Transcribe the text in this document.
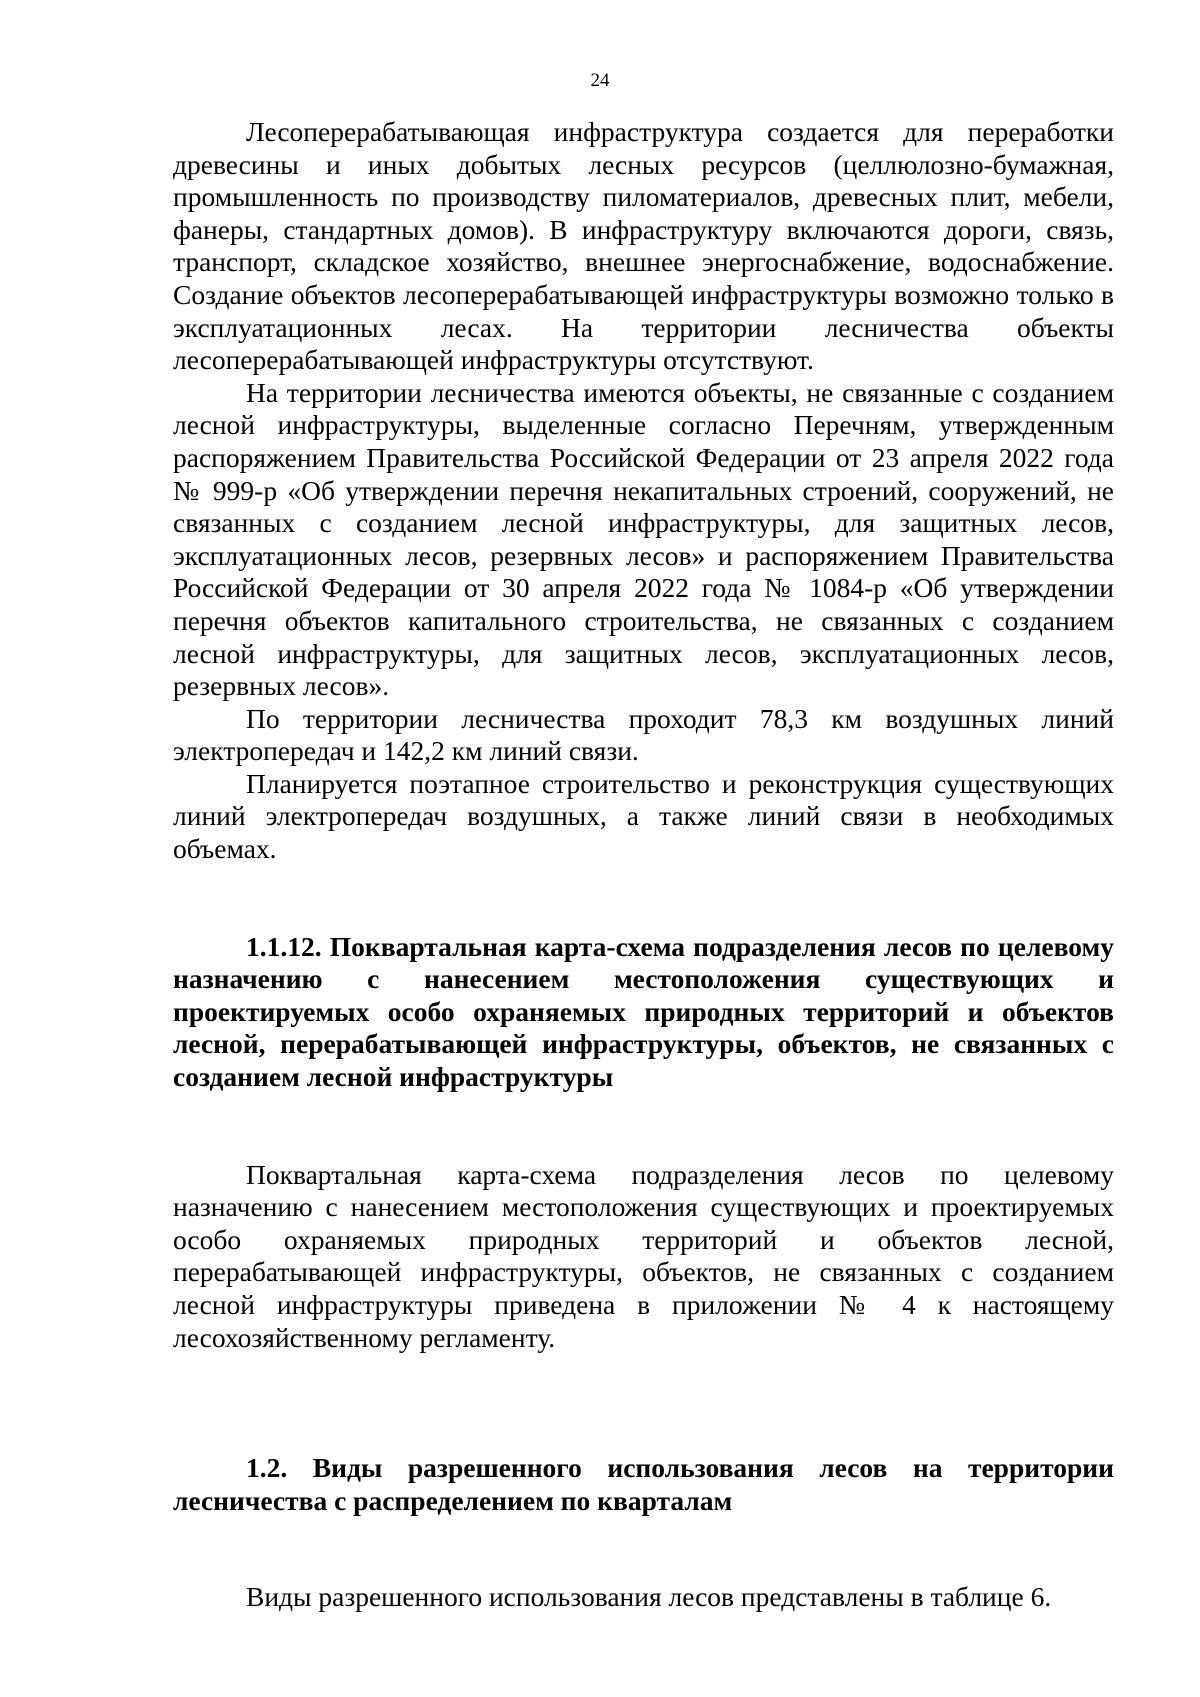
24

Лесоперерабатывающая инфраструктура создается для переработки древесины и иных добытых лесных ресурсов (целлюлозно-бумажная, промышленность по производству пиломатериалов, древесных плит, мебели, фанеры, стандартных домов). В инфраструктуру включаются дороги, связь, транспорт, складское хозяйство, внешнее энергоснабжение, водоснабжение. Создание объектов лесоперерабатывающей инфраструктуры возможно только в эксплуатационных лесах. На территории лесничества объекты лесоперерабатывающей инфраструктуры отсутствуют.

На территории лесничества имеются объекты, не связанные с созданием лесной инфраструктуры, выделенные согласно Перечням, утвержденным распоряжением Правительства Российской Федерации от 23 апреля 2022 года № 999-р «Об утверждении перечня некапитальных строений, сооружений, не связанных с созданием лесной инфраструктуры, для защитных лесов, эксплуатационных лесов, резервных лесов» и распоряжением Правительства Российской Федерации от 30 апреля 2022 года № 1084-р «Об утверждении перечня объектов капитального строительства, не связанных с созданием лесной инфраструктуры, для защитных лесов, эксплуатационных лесов, резервных лесов».

По территории лесничества проходит 78,3 км воздушных линий электропередач и 142,2 км линий связи.

Планируется поэтапное строительство и реконструкция существующих линий электропередач воздушных, а также линий связи в необходимых объемах.

1.1.12. Поквартальная карта-схема подразделения лесов по целевому назначению с нанесением местоположения существующих и проектируемых особо охраняемых природных территорий и объектов лесной, перерабатывающей инфраструктуры, объектов, не связанных с созданием лесной инфраструктуры

Поквартальная карта-схема подразделения лесов по целевому назначению с нанесением местоположения существующих и проектируемых особо охраняемых природных территорий и объектов лесной, перерабатывающей инфраструктуры, объектов, не связанных с созданием лесной инфраструктуры приведена в приложении № 4 к настоящему лесохозяйственному регламенту.

1.2. Виды разрешенного использования лесов на территории лесничества с распределением по кварталам

Виды разрешенного использования лесов представлены в таблице 6.
